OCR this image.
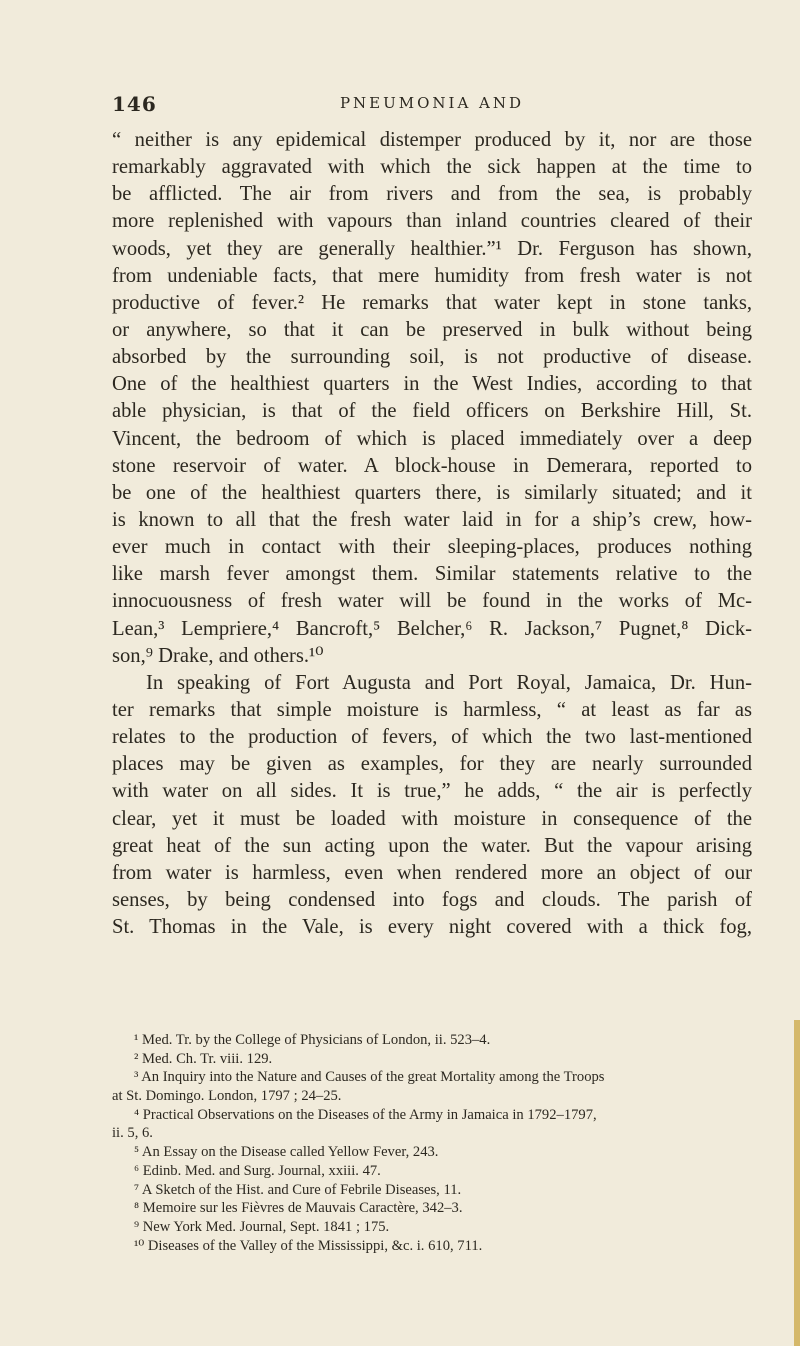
146	PNEUMONIA AND
“ neither is any epidemical distemper produced by it, nor are those
remarkably aggravated with which the sick happen at the time to
be afflicted. The air from rivers and from the sea, is probably
more replenished with vapours than inland countries cleared of their
woods, yet they are generally healthier.”¹ Dr. Ferguson has shown,
from undeniable facts, that mere humidity from fresh water is not
productive of fever.² He remarks that water kept in stone tanks,
or anywhere, so that it can be preserved in bulk without being
absorbed by the surrounding soil, is not productive of disease.
One of the healthiest quarters in the West Indies, according to that
able physician, is that of the field officers on Berkshire Hill, St.
Vincent, the bedroom of which is placed immediately over a deep
stone reservoir of water. A block-house in Demerara, reported to
be one of the healthiest quarters there, is similarly situated; and it
is known to all that the fresh water laid in for a ship’s crew, how-
ever much in contact with their sleeping-places, produces nothing
like marsh fever amongst them. Similar statements relative to the
innocuousness of fresh water will be found in the works of Mc-
Lean,³ Lempriere,⁴ Bancroft,⁵ Belcher,⁶ R. Jackson,⁷ Pugnet,⁸ Dick-
son,⁹ Drake, and others.¹⁰
In speaking of Fort Augusta and Port Royal, Jamaica, Dr. Hun-
ter remarks that simple moisture is harmless, “ at least as far as
relates to the production of fevers, of which the two last-mentioned
places may be given as examples, for they are nearly surrounded
with water on all sides. It is true,” he adds, “ the air is perfectly
clear, yet it must be loaded with moisture in consequence of the
great heat of the sun acting upon the water. But the vapour arising
from water is harmless, even when rendered more an object of our
senses, by being condensed into fogs and clouds. The parish of
St. Thomas in the Vale, is every night covered with a thick fog,
¹ Med. Tr. by the College of Physicians of London, ii. 523–4.
² Med. Ch. Tr. viii. 129.
³ An Inquiry into the Nature and Causes of the great Mortality among the Troops
at St. Domingo. London, 1797 ; 24–25.
⁴ Practical Observations on the Diseases of the Army in Jamaica in 1792–1797,
ii. 5, 6.
⁵ An Essay on the Disease called Yellow Fever, 243.
⁶ Edinb. Med. and Surg. Journal, xxiii. 47.
⁷ A Sketch of the Hist. and Cure of Febrile Diseases, 11.
⁸ Memoire sur les Fièvres de Mauvais Caractère, 342–3.
⁹ New York Med. Journal, Sept. 1841 ; 175.
¹⁰ Diseases of the Valley of the Mississippi, &c. i. 610, 711.
